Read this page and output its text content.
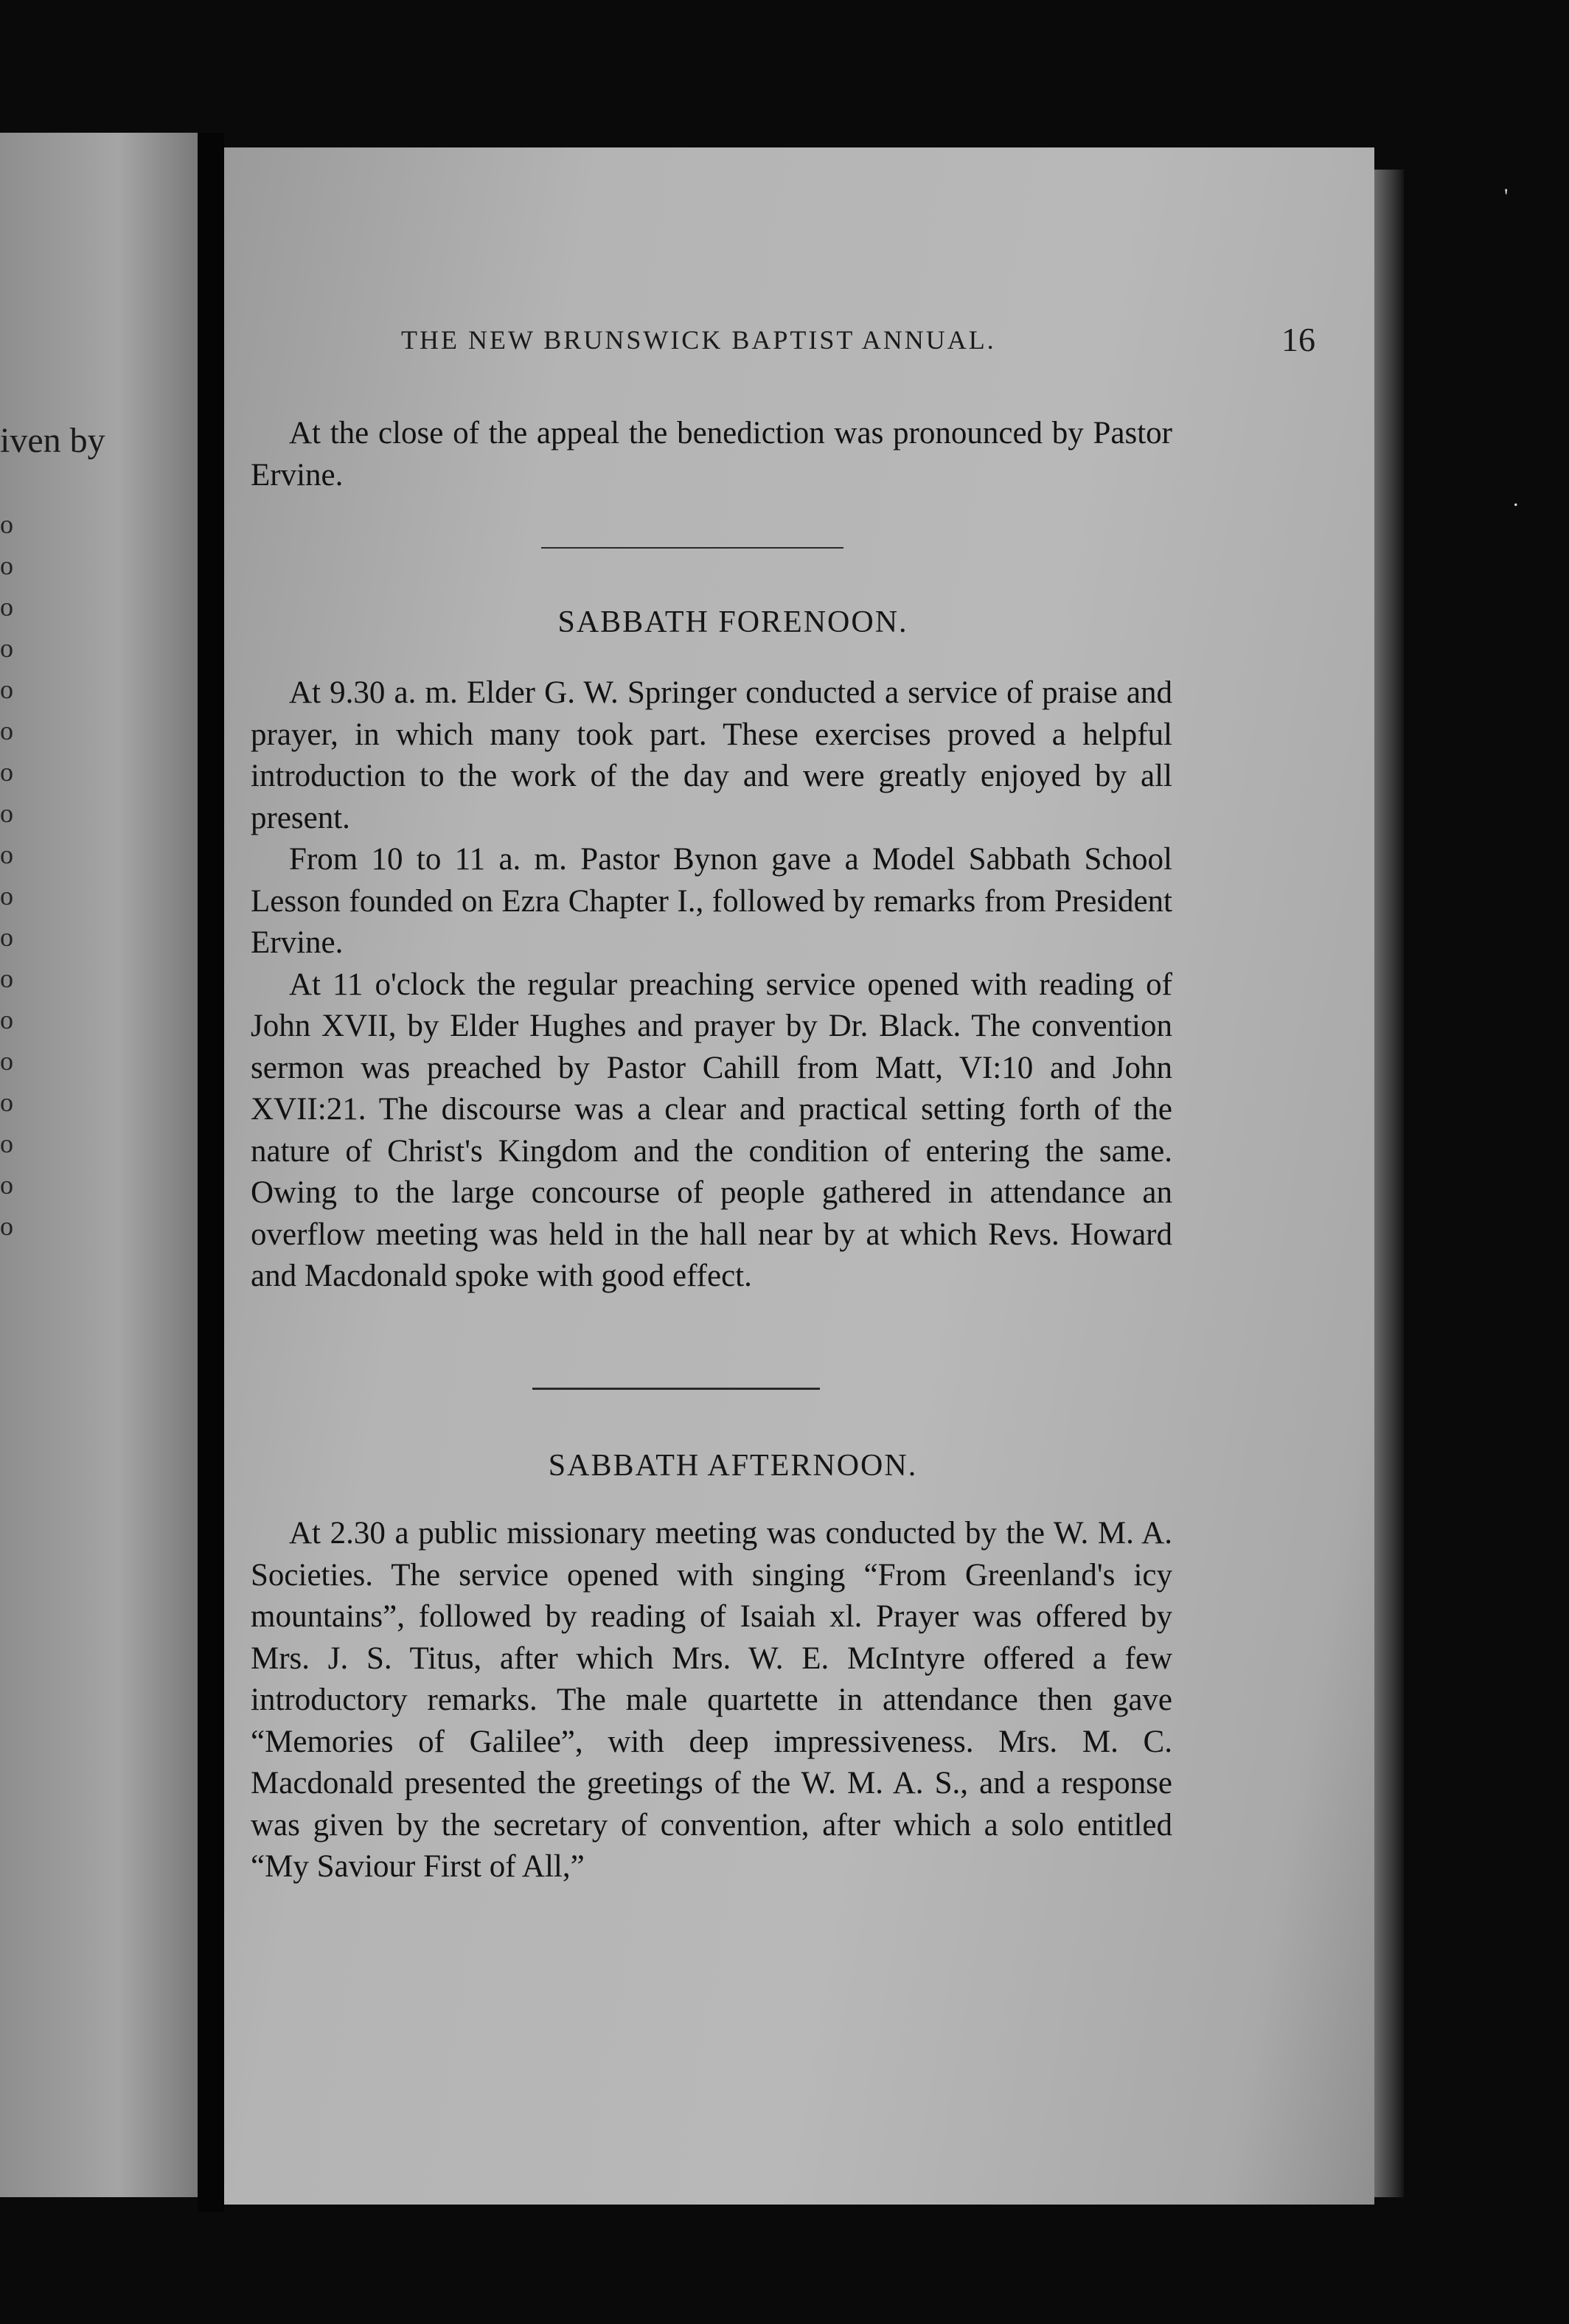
iven by
o
o
o
o
o
o
o
o
o
o
o
o
o
o
o
o
o
o
THE NEW BRUNSWICK BAPTIST ANNUAL.	16

At the close of the appeal the benediction was pronounced by Pastor Ervine.

SABBATH FORENOON.

At 9.30 a. m. Elder G. W. Springer conducted a service of praise and prayer, in which many took part. These exercises proved a helpful introduction to the work of the day and were greatly enjoyed by all present.

From 10 to 11 a. m. Pastor Bynon gave a Model Sabbath School Lesson founded on Ezra Chapter I., followed by remarks from President Ervine.

At 11 o'clock the regular preaching service opened with reading of John XVII, by Elder Hughes and prayer by Dr. Black. The convention sermon was preached by Pastor Cahill from Matt, VI:10 and John XVII:21. The discourse was a clear and practical setting forth of the nature of Christ's Kingdom and the condition of entering the same. Owing to the large concourse of people gathered in attendance an overflow meeting was held in the hall near by at which Revs. Howard and Macdonald spoke with good effect.

SABBATH AFTERNOON.

At 2.30 a public missionary meeting was conducted by the W. M. A. Societies. The service opened with singing “From Greenland's icy mountains”, followed by reading of Isaiah xl. Prayer was offered by Mrs. J. S. Titus, after which Mrs. W. E. McIntyre offered a few introductory remarks. The male quartette in attendance then gave “Memories of Galilee”, with deep impressiveness. Mrs. M. C. Macdonald presented the greetings of the W. M. A. S., and a response was given by the secretary of convention, after which a solo entitled “My Saviour First of All,”

'
.
